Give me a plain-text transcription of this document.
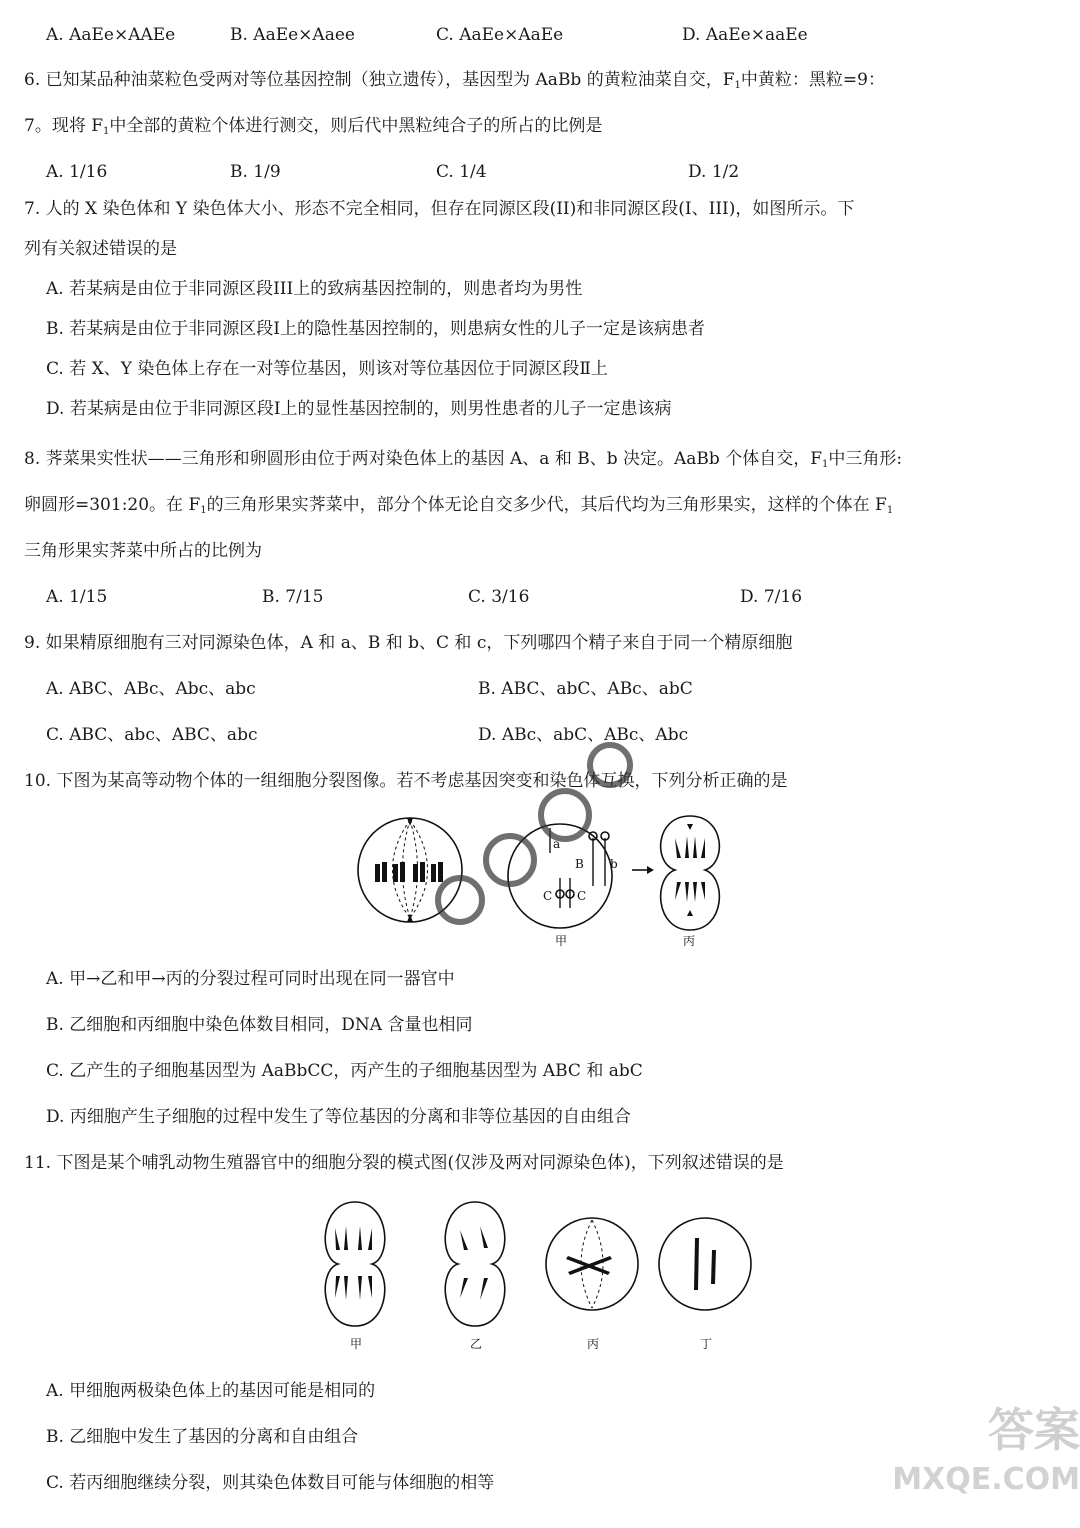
A. AaEe×AAEe	B. AaEe×Aaee	C. AaEe×AaEe	D. AaEe×aaEe
6. 已知某品种油菜粒色受两对等位基因控制（独立遗传），基因型为 AaBb 的黄粒油菜自交，$F_1$中黄粒：黑粒=9：
7。现将 $F_1$中全部的黄粒个体进行测交，则后代中黑粒纯合子的所占的比例是
A. 1/16	B. 1/9	C. 1/4	D. 1/2
7. 人的 X 染色体和 Y 染色体大小、形态不完全相同，但存在同源区段(II)和非同源区段(Ⅰ、III)，如图所示。下
列有关叙述错误的是
A. 若某病是由位于非同源区段III上的致病基因控制的，则患者均为男性
B. 若某病是由位于非同源区段Ⅰ上的隐性基因控制的，则患病女性的儿子一定是该病患者
C. 若 X、Y 染色体上存在一对等位基因，则该对等位基因位于同源区段Ⅱ上
D. 若某病是由位于非同源区段Ⅰ上的显性基因控制的，则男性患者的儿子一定患该病
8. 荠菜果实性状——三角形和卵圆形由位于两对染色体上的基因 A、a 和 B、b 决定。AaBb 个体自交，$F_1$中三角形:
卵圆形=301:20。在 $F_1$的三角形果实荠菜中，部分个体无论自交多少代，其后代均为三角形果实，这样的个体在 $F_1$
三角形果实荠菜中所占的比例为
A. 1/15	B. 7/15	C. 3/16	D. 7/16
9. 如果精原细胞有三对同源染色体，A 和 a、B 和 b、C 和 c，下列哪四个精子来自于同一个精原细胞
A. ABC、ABc、Abc、abc	B. ABC、abC、ABc、abC
C. ABC、abc、ABC、abc	D. ABc、abC、ABc、Abc
10. 下图为某高等动物个体的一组细胞分裂图像。若不考虑基因突变和染色体互换，下列分析正确的是
B b
C C
a
甲	丙
A. 甲→乙和甲→丙的分裂过程可同时出现在同一器官中
B. 乙细胞和丙细胞中染色体数目相同，DNA 含量也相同
C. 乙产生的子细胞基因型为 AaBbCC，丙产生的子细胞基因型为 ABC 和 abC
D. 丙细胞产生子细胞的过程中发生了等位基因的分离和非等位基因的自由组合
11. 下图是某个哺乳动物生殖器官中的细胞分裂的模式图(仅涉及两对同源染色体)，下列叙述错误的是
甲	乙	丙	丁
A. 甲细胞两极染色体上的基因可能是相同的
B. 乙细胞中发生了基因的分离和自由组合
C. 若丙细胞继续分裂，则其染色体数目可能与体细胞的相等
答案
MXQE.COM
